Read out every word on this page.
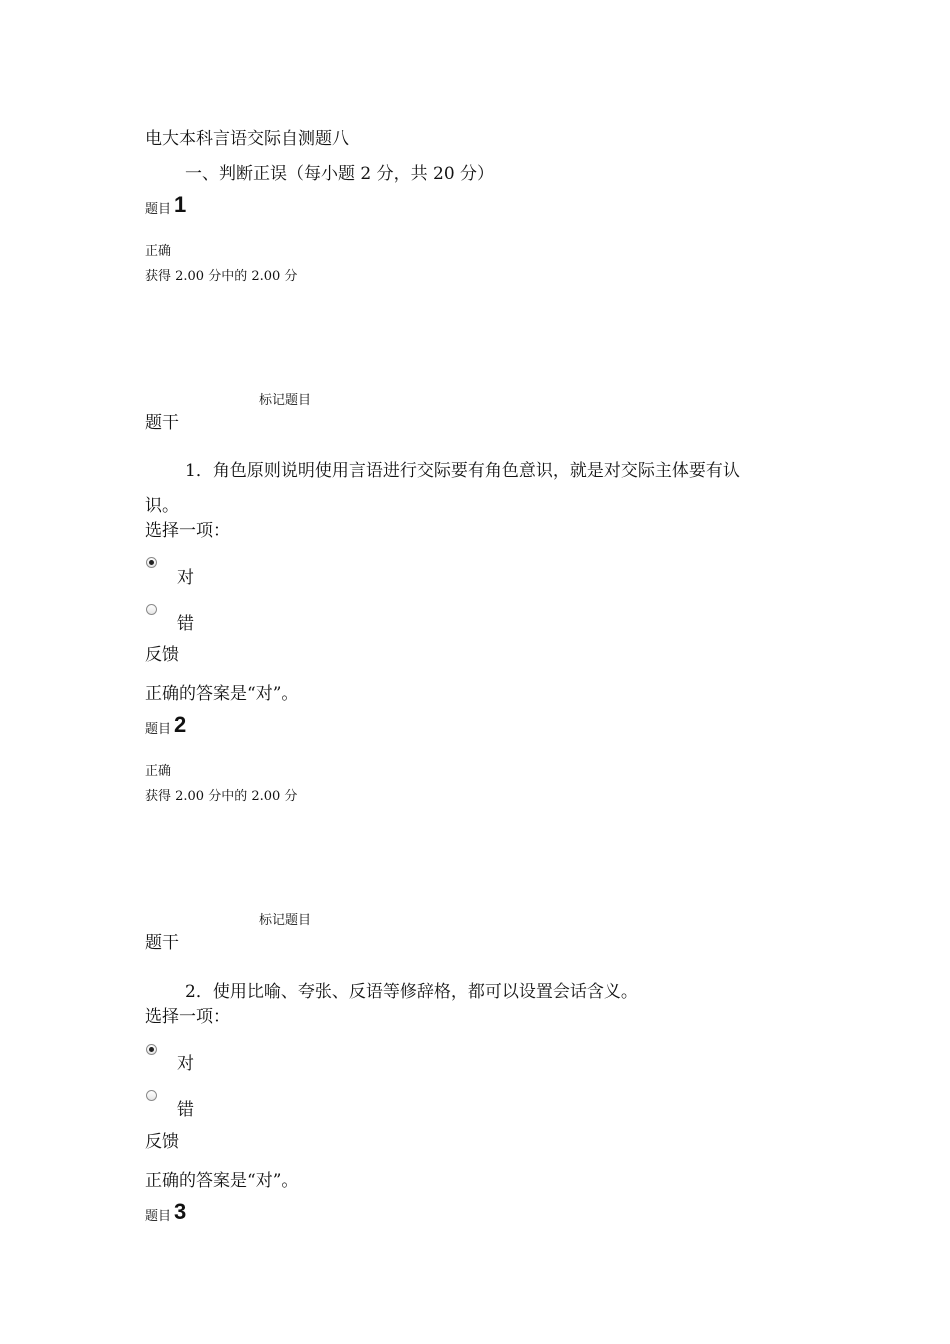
电大本科言语交际自测题八
一、判断正误（每小题 2 分，共 20 分）
题目 1
正确
获得 2.00 分中的 2.00 分
标记题目
题干
1．角色原则说明使用言语进行交际要有角色意识，就是对交际主体要有认
识。
选择一项：
对
错
反馈
正确的答案是“对”。
题目 2
正确
获得 2.00 分中的 2.00 分
标记题目
题干
2．使用比喻、夸张、反语等修辞格，都可以设置会话含义。
选择一项：
对
错
反馈
正确的答案是“对”。
题目 3
